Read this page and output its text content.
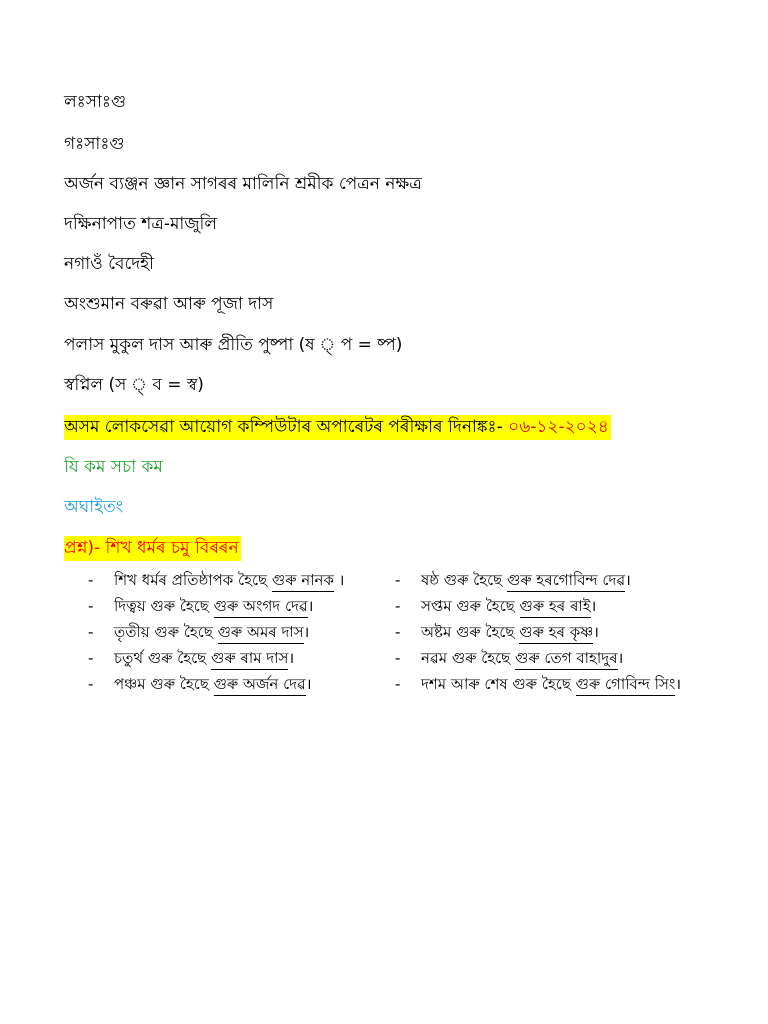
লঃসাঃগু
গঃসাঃগু
অৰ্জন ব্যঞ্জন জ্ঞান সাগৰৰ মালিনি শ্ৰমীক পেত্ৰন নক্ষত্ৰ
দক্ষিনাপাত শত্ৰ-মাজুলি
নগাওঁ বৈদেহী
অংশুমান বৰুৱা আৰু পূজা দাস
পলাস মুকুল দাস আৰু প্ৰীতি পুষ্পা (ষ ্ প = ষ্প)
স্বপ্নিল (স ্ ব = স্ব)
অসম লোকসেৱা আয়োগ কম্পিউটাৰ অপাৰেটৰ পৰীক্ষাৰ দিনাঙ্কঃ- ০৬-১২-২০২৪
যি কম সচা কম
অঘাইতং
প্ৰশ্ন)- শিখ ধৰ্মৰ চমু বিৰৰন
- শিখ ধৰ্মৰ প্ৰতিষ্ঠাপক হৈছে গুৰু নানক ।
- দিত্বয় গুৰু হৈছে গুৰু অংগদ দেৱ।
- তৃতীয় গুৰু হৈছে গুৰু অমৰ দাস।
- চতুৰ্থ গুৰু হৈছে গুৰু ৰাম দাস।
- পঞ্চম গুৰু হৈছে গুৰু অৰ্জন দেৱ।
- ষষ্ঠ গুৰু হৈছে গুৰু হৰগোবিন্দ দেৱ।
- সপ্তম গুৰু হৈছে গুৰু হৰ ৰাই।
- অষ্টম গুৰু হৈছে গুৰু হৰ কৃষ্ণ।
- নৱম গুৰু হৈছে গুৰু তেগ বাহাদুৰ।
- দশম আৰু শেষ গুৰু হৈছে গুৰু গোবিন্দ সিং।
